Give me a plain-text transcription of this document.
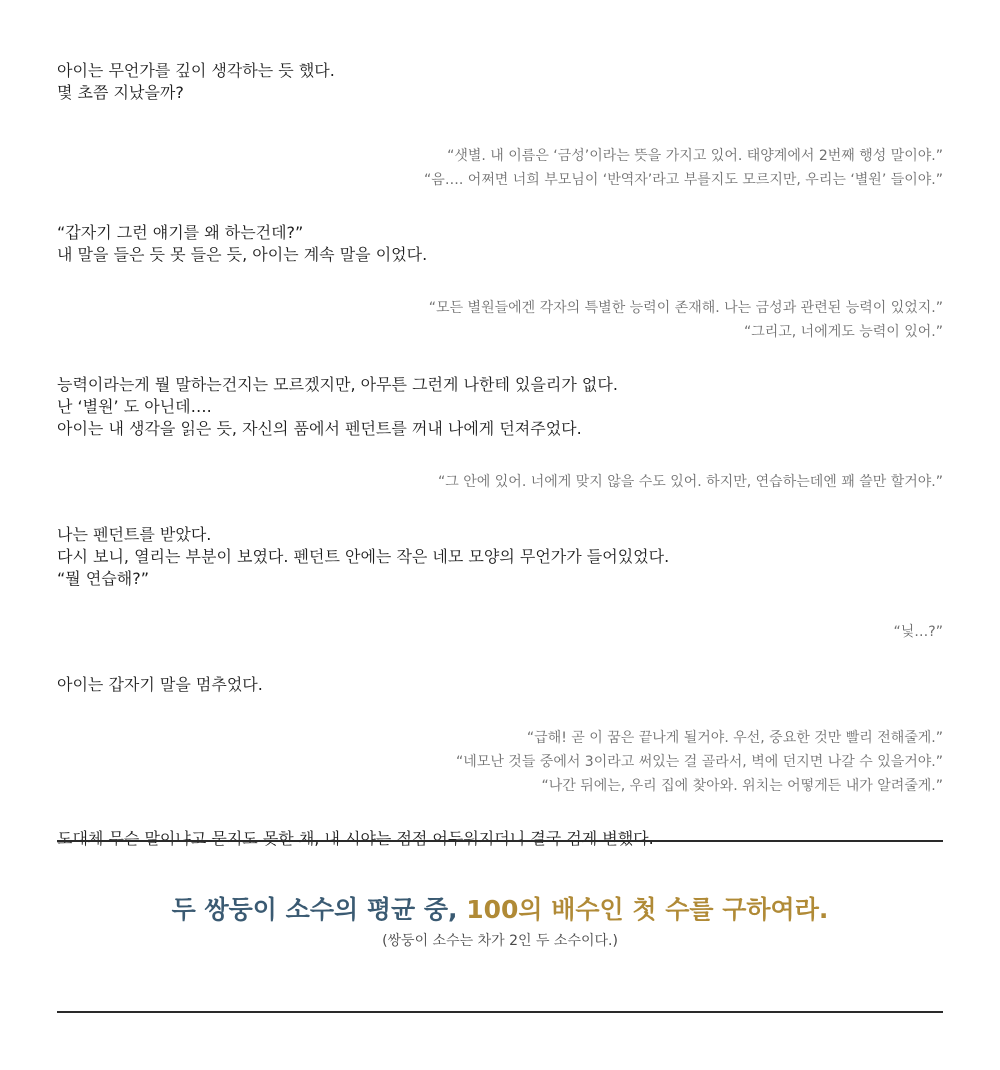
아이는 무언가를 깊이 생각하는 듯 했다.
몇 초쯤 지났을까?

“샛별. 내 이름은 ‘금성’이라는 뜻을 가지고 있어. 태양계에서 2번째 행성 말이야.”
“음…. 어쩌면 너희 부모님이 ‘반역자’라고 부를지도 모르지만, 우리는 ‘별원’ 들이야.”

“갑자기 그런 얘기를 왜 하는건데?”
내 말을 들은 듯 못 들은 듯, 아이는 계속 말을 이었다.

“모든 별원들에겐 각자의 특별한 능력이 존재해. 나는 금성과 관련된 능력이 있었지.”
“그리고, 너에게도 능력이 있어.”

능력이라는게 뭘 말하는건지는 모르겠지만, 아무튼 그런게 나한테 있을리가 없다.
난 ‘별원’ 도 아닌데….
아이는 내 생각을 읽은 듯, 자신의 품에서 펜던트를 꺼내 나에게 던져주었다.

“그 안에 있어. 너에게 맞지 않을 수도 있어. 하지만, 연습하는데엔 꽤 쓸만 할거야.”

나는 펜던트를 받았다.
다시 보니, 열리는 부분이 보였다. 펜던트 안에는 작은 네모 모양의 무언가가 들어있었다.
“뭘 연습해?”

“닟…?”

아이는 갑자기 말을 멈추었다.

“급해! 곧 이 꿈은 끝나게 될거야. 우선, 중요한 것만 빨리 전해줄게.”
“네모난 것들 중에서 3이라고 써있는 걸 골라서, 벽에 던지면 나갈 수 있을거야.”
“나간 뒤에는, 우리 집에 찾아와. 위치는 어떻게든 내가 알려줄게.”

도대체 무슨 말이냐고 묻지도 못한 채, 내 시야는 점점 어두워지더니 결국 검게 변했다.

두 쌍둥이 소수의 평균 중, 100의 배수인 첫 수를 구하여라.

(쌍둥이 소수는 차가 2인 두 소수이다.)
